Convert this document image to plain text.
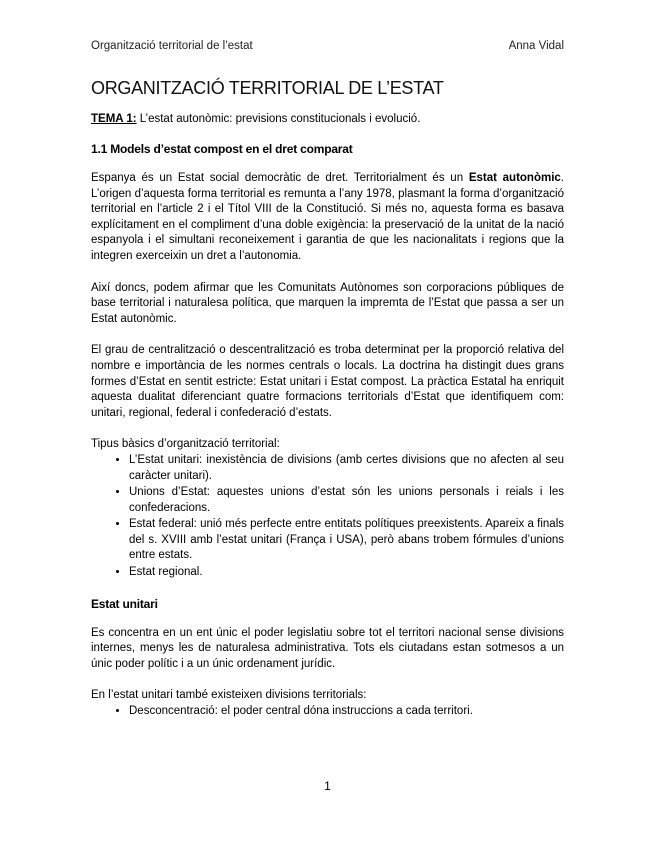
Organització territorial de l’estat	Anna Vidal
ORGANITZACIÓ TERRITORIAL DE L’ESTAT
TEMA 1: L’estat autonòmic: previsions constitucionals i evolució.
1.1 Models d’estat compost en el dret comparat

Espanya és un Estat social democràtic de dret. Territorialment és un Estat autonòmic. L’origen d’aquesta forma territorial es remunta a l’any 1978, plasmant la forma d’organització territorial en l’article 2 i el Títol VIII de la Constitució. Si més no, aquesta forma es basava explícitament en el compliment d’una doble exigència: la preservació de la unitat de la nació espanyola i el simultani reconeixement i garantia de que les nacionalitats i regions que la integren exerceixin un dret a l’autonomia.

Així doncs, podem afirmar que les Comunitats Autònomes son corporacions públiques de base territorial i naturalesa política, que marquen la impremta de l’Estat que passa a ser un Estat autonòmic.

El grau de centralització o descentralització es troba determinat per la proporció relativa del nombre e importància de les normes centrals o locals. La doctrina ha distingit dues grans formes d’Estat en sentit estricte: Estat unitari i Estat compost. La pràctica Estatal ha enriquit aquesta dualitat diferenciant quatre formacions territorials d’Estat que identifiquem com: unitari, regional, federal i confederació d’estats.

Tipus bàsics d’organització territorial:

• L’Estat unitari: inexistència de divisions (amb certes divisions que no afecten al seu caràcter unitari).
• Unions d’Estat: aquestes unions d’estat són les unions personals i reials i les confederacions.
• Estat federal: unió més perfecte entre entitats polítiques preexistents. Apareix a finals del s. XVIII amb l’estat unitari (França i USA), però abans trobem fórmules d’unions entre estats.
• Estat regional.
Estat unitari

Es concentra en un ent únic el poder legislatiu sobre tot el territori nacional sense divisions internes, menys les de naturalesa administrativa. Tots els ciutadans estan sotmesos a un únic poder polític i a un únic ordenament jurídic.

En l’estat unitari també existeixen divisions territorials:

• Desconcentració: el poder central dóna instruccions a cada territori.
1
